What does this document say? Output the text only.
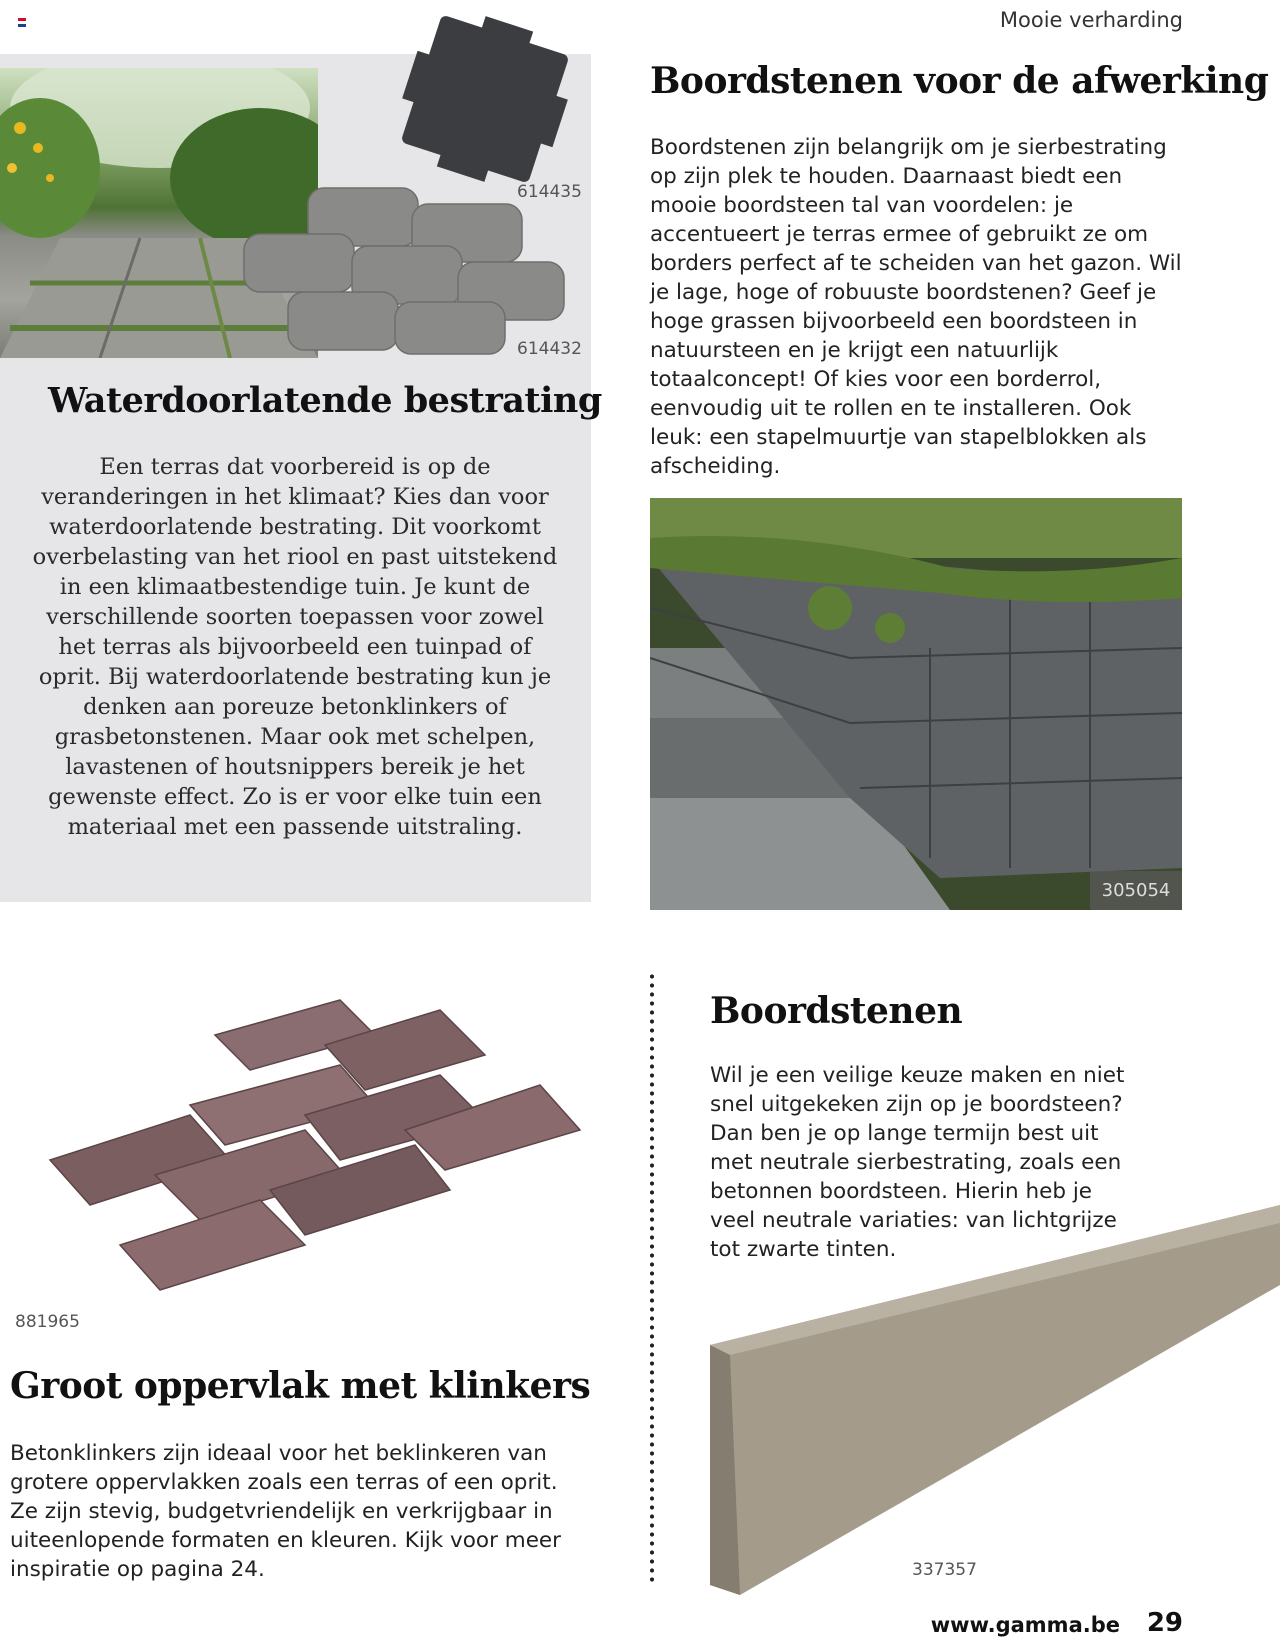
Mooie verharding
614435
614432
Waterdoorlatende bestrating

Een terras dat voorbereid is op de veranderingen in het klimaat? Kies dan voor waterdoorlatende bestrating. Dit voorkomt overbelasting van het riool en past uitstekend in een klimaatbestendige tuin. Je kunt de verschillende soorten toepassen voor zowel het terras als bijvoorbeeld een tuinpad of oprit. Bij waterdoorlatende bestrating kun je denken aan poreuze betonklinkers of grasbetonstenen. Maar ook met schelpen, lavastenen of houtsnippers bereik je het gewenste effect. Zo is er voor elke tuin een materiaal met een passende uitstraling.

Boordstenen voor de afwerking

Boordstenen zijn belangrijk om je sierbestrating op zijn plek te houden. Daarnaast biedt een mooie boordsteen tal van voordelen: je accentueert je terras ermee of gebruikt ze om borders perfect af te scheiden van het gazon. Wil je lage, hoge of robuuste boordstenen? Geef je hoge grassen bijvoorbeeld een boordsteen in natuursteen en je krijgt een natuurlijk totaalconcept! Of kies voor een borderrol, eenvoudig uit te rollen en te installeren. Ook leuk: een stapelmuurtje van stapelblokken als afscheiding.

305054
Boordstenen

Wil je een veilige keuze maken en niet snel uitgekeken zijn op je boordsteen? Dan ben je op lange termijn best uit met neutrale sierbestrating, zoals een betonnen boordsteen. Hierin heb je veel neutrale variaties: van lichtgrijze tot zwarte tinten.

337357
881965
Groot oppervlak met klinkers

Betonklinkers zijn ideaal voor het beklinkeren van grotere oppervlakken zoals een terras of een oprit. Ze zijn stevig, budgetvriendelijk en verkrijgbaar in uiteenlopende formaten en kleuren. Kijk voor meer inspiratie op pagina 24.

www.gamma.be 29
